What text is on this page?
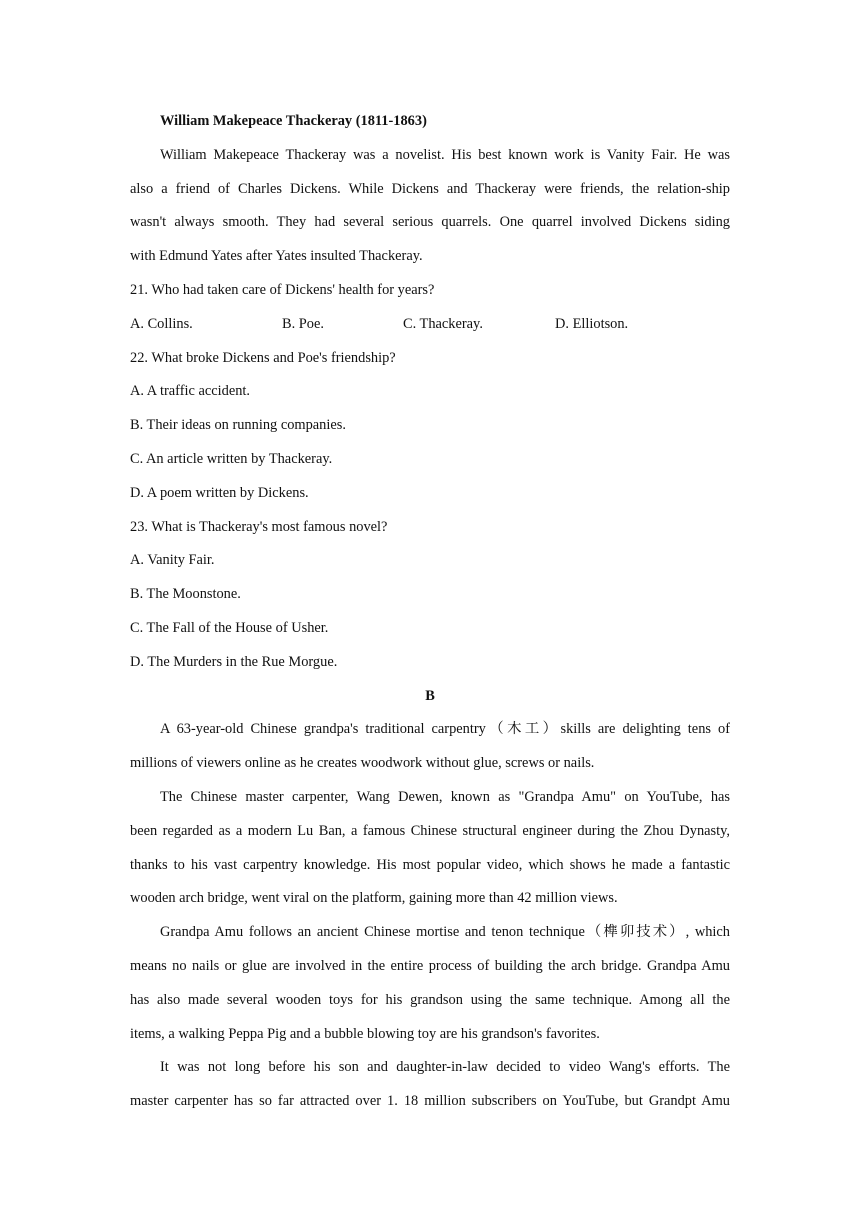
William Makepeace Thackeray (1811-1863)
William Makepeace Thackeray was a novelist. His best known work is Vanity Fair. He was
also a friend of Charles Dickens. While Dickens and Thackeray were friends, the relation-ship
wasn't always smooth. They had several serious quarrels. One quarrel involved Dickens siding
with Edmund Yates after Yates insulted Thackeray.
21. Who had taken care of Dickens' health for years?
A. Collins.	B. Poe.	C. Thackeray.	D. Elliotson.
22. What broke Dickens and Poe's friendship?
A. A traffic accident.
B. Their ideas on running companies.
C. An article written by Thackeray.
D. A poem written by Dickens.
23. What is Thackeray's most famous novel?
A. Vanity Fair.
B. The Moonstone.
C. The Fall of the House of Usher.
D. The Murders in the Rue Morgue.
B
A 63-year-old Chinese grandpa's traditional carpentry（木工）skills are delighting tens of
millions of viewers online as he creates woodwork without glue, screws or nails.
The Chinese master carpenter, Wang Dewen, known as "Grandpa Amu" on YouTube, has
been regarded as a modern Lu Ban, a famous Chinese structural engineer during the Zhou Dynasty,
thanks to his vast carpentry knowledge. His most popular video, which shows he made a fantastic
wooden arch bridge, went viral on the platform, gaining more than 42 million views.
Grandpa Amu follows an ancient Chinese mortise and tenon technique（榫卯技术）, which
means no nails or glue are involved in the entire process of building the arch bridge. Grandpa Amu
has also made several wooden toys for his grandson using the same technique. Among all the
items, a walking Peppa Pig and a bubble blowing toy are his grandson's favorites.
It was not long before his son and daughter-in-law decided to video Wang's efforts. The
master carpenter has so far attracted over 1. 18 million subscribers on YouTube, but Grandpt Amu
